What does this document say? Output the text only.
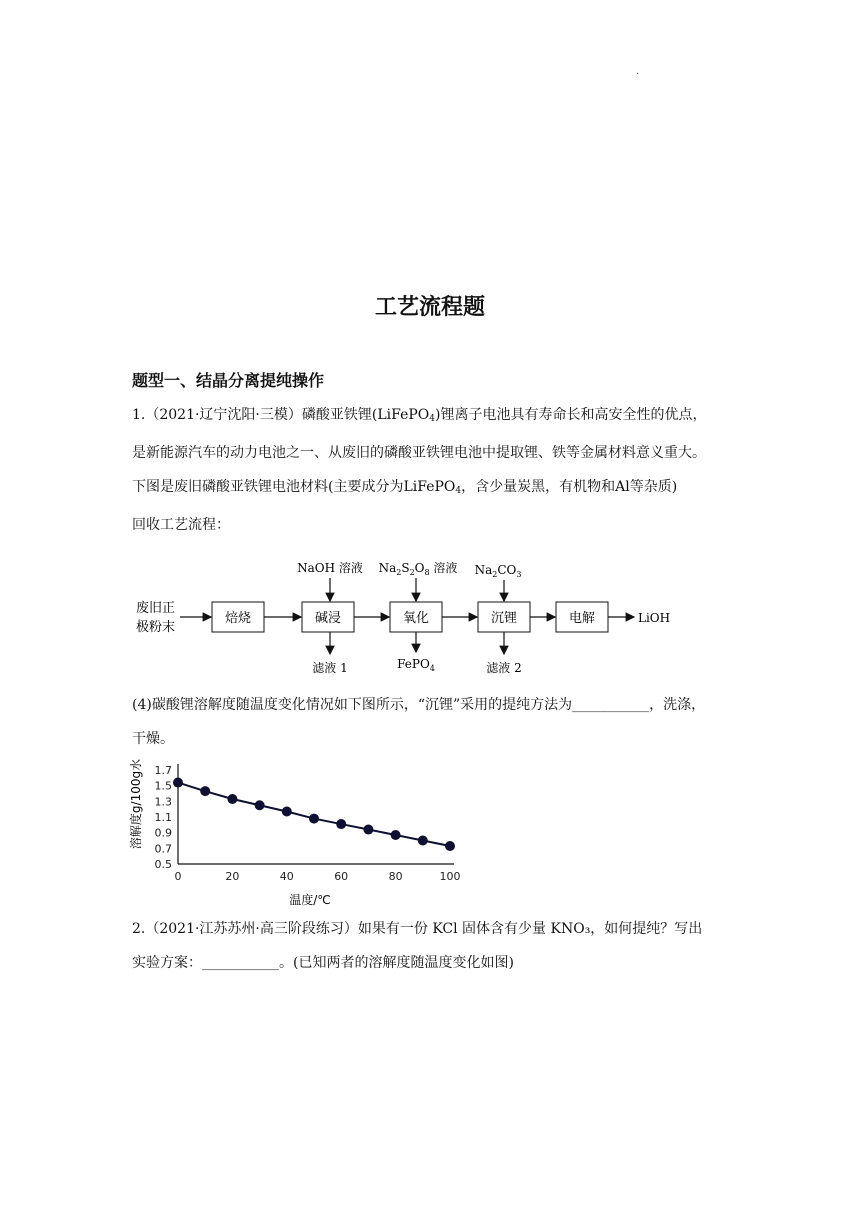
.
工艺流程题
题型一、结晶分离提纯操作
1.（2021·辽宁沈阳·三模）磷酸亚铁锂(LiFePO$_4$)锂离子电池具有寿命长和高安全性的优点，
是新能源汽车的动力电池之一、从废旧的磷酸亚铁锂电池中提取锂、铁等金属材料意义重大。
下图是废旧磷酸亚铁锂电池材料(主要成分为LiFePO$_4$，含少量炭黑，有机物和Al等杂质)
回收工艺流程：
废旧正
极粉末
焙烧	碱浸	氧化	沉锂	电解	LiOH
NaOH 溶液 $Na_2S_2O_8$ 溶液 $Na_2CO_3$
滤液 1	FePO$_4$	滤液 2
(4)碳酸锂溶解度随温度变化情况如下图所示，“沉锂”采用的提纯方法为___________，洗涤，
干燥。
溶解度g/100g水
温度/℃
1.7
1.5
1.3
1.1
0.9
0.7
0.5
0	20	40	60	80	100
2.（2021·江苏苏州·高三阶段练习）如果有一份 KCl 固体含有少量 KNO₃，如何提纯？写出
实验方案：___________。(已知两者的溶解度随温度变化如图)
